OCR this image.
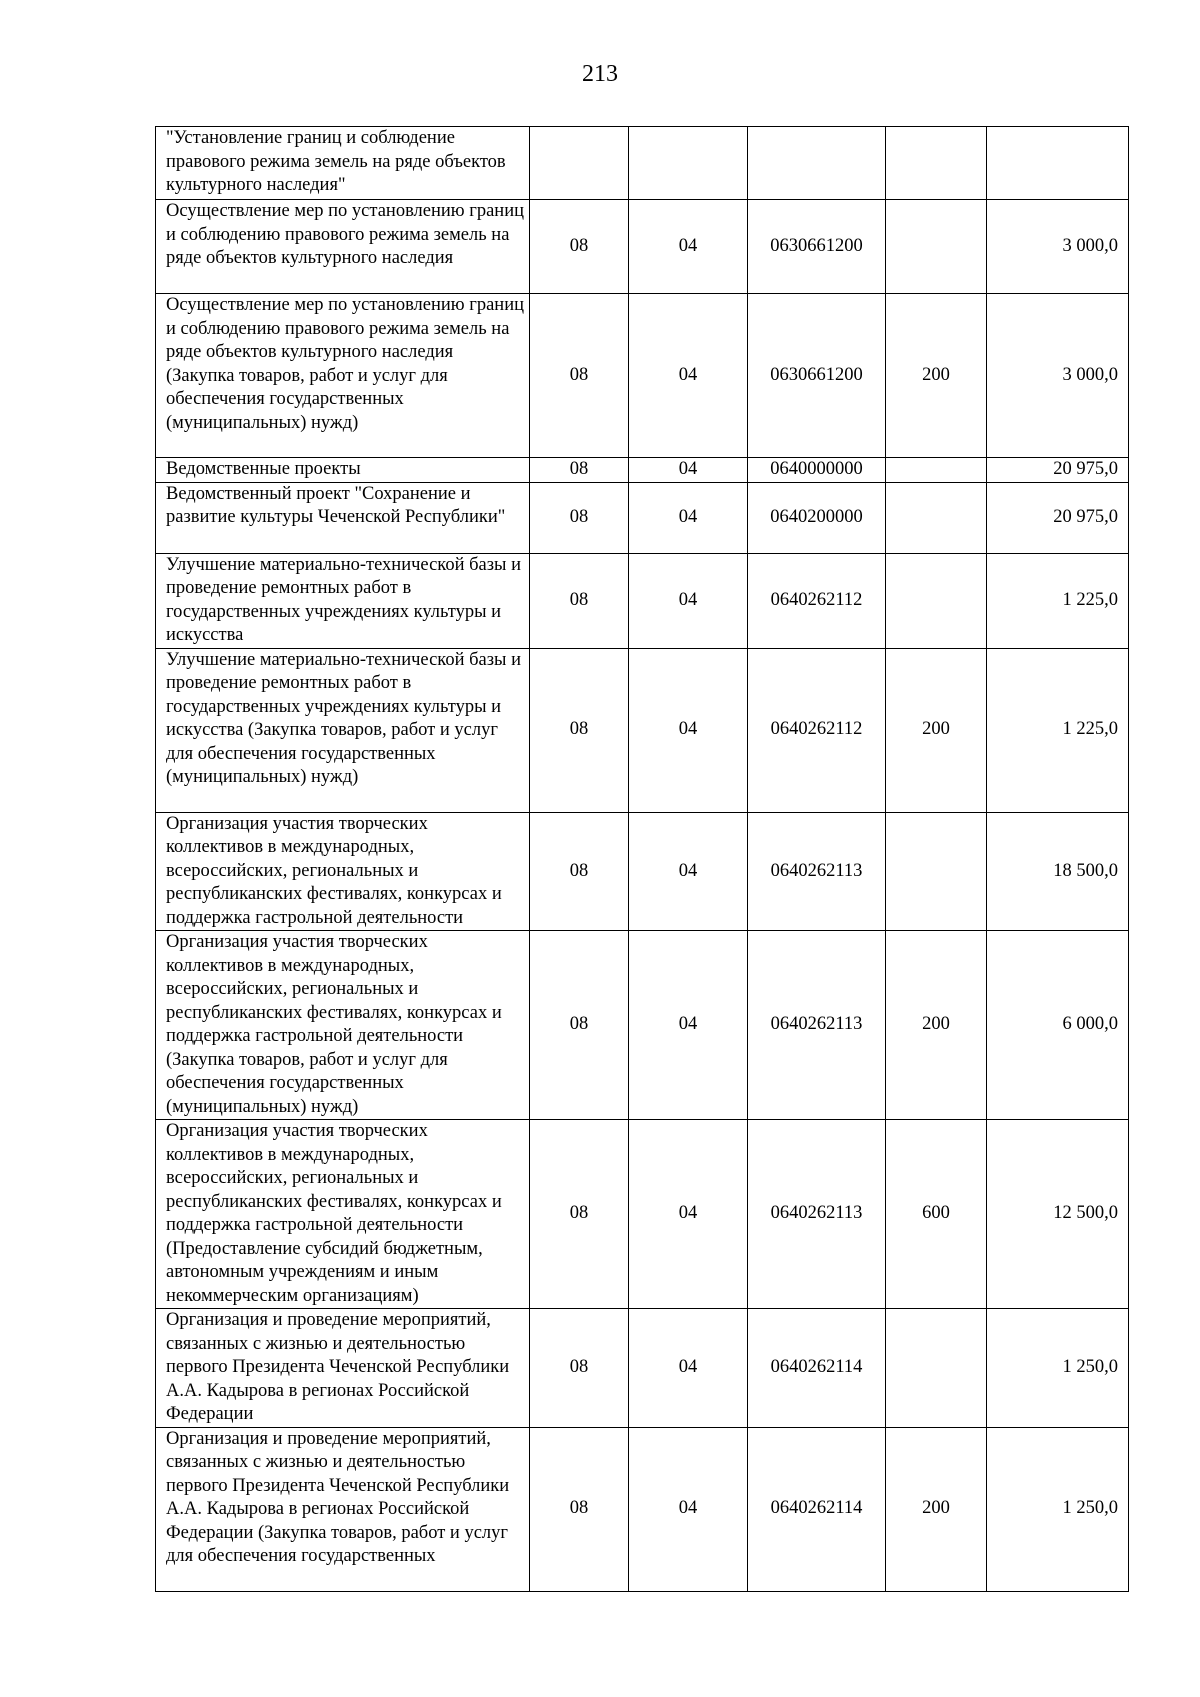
213
"Установление границ и соблюдение правового режима земель на ряде объектов культурного наследия"					
Осуществление мер по установлению границ и соблюдению правового режима земель на ряде объектов культурного наследия	08	04	0630661200		3 000,0
Осуществление мер по установлению границ и соблюдению правового режима земель на ряде объектов культурного наследия (Закупка товаров, работ и услуг для обеспечения государственных (муниципальных) нужд)	08	04	0630661200	200	3 000,0
Ведомственные проекты	08	04	0640000000		20 975,0
Ведомственный проект "Сохранение и развитие культуры Чеченской Республики"	08	04	0640200000		20 975,0
Улучшение материально-технической базы и проведение ремонтных работ в государственных учреждениях культуры и искусства	08	04	0640262112		1 225,0
Улучшение материально-технической базы и проведение ремонтных работ в государственных учреждениях культуры и искусства (Закупка товаров, работ и услуг для обеспечения государственных (муниципальных) нужд)	08	04	0640262112	200	1 225,0
Организация участия творческих коллективов в международных, всероссийских, региональных и республиканских фестивалях, конкурсах и поддержка гастрольной деятельности	08	04	0640262113		18 500,0
Организация участия творческих коллективов в международных, всероссийских, региональных и республиканских фестивалях, конкурсах и поддержка гастрольной деятельности (Закупка товаров, работ и услуг для обеспечения государственных (муниципальных) нужд)	08	04	0640262113	200	6 000,0
Организация участия творческих коллективов в международных, всероссийских, региональных и республиканских фестивалях, конкурсах и поддержка гастрольной деятельности (Предоставление субсидий бюджетным, автономным учреждениям и иным некоммерческим организациям)	08	04	0640262113	600	12 500,0
Организация и проведение мероприятий, связанных с жизнью и деятельностью первого Президента Чеченской Республики А.А. Кадырова в регионах Российской Федерации	08	04	0640262114		1 250,0
Организация и проведение мероприятий, связанных с жизнью и деятельностью первого Президента Чеченской Республики А.А. Кадырова в регионах Российской Федерации (Закупка товаров, работ и услуг для обеспечения государственных	08	04	0640262114	200	1 250,0
